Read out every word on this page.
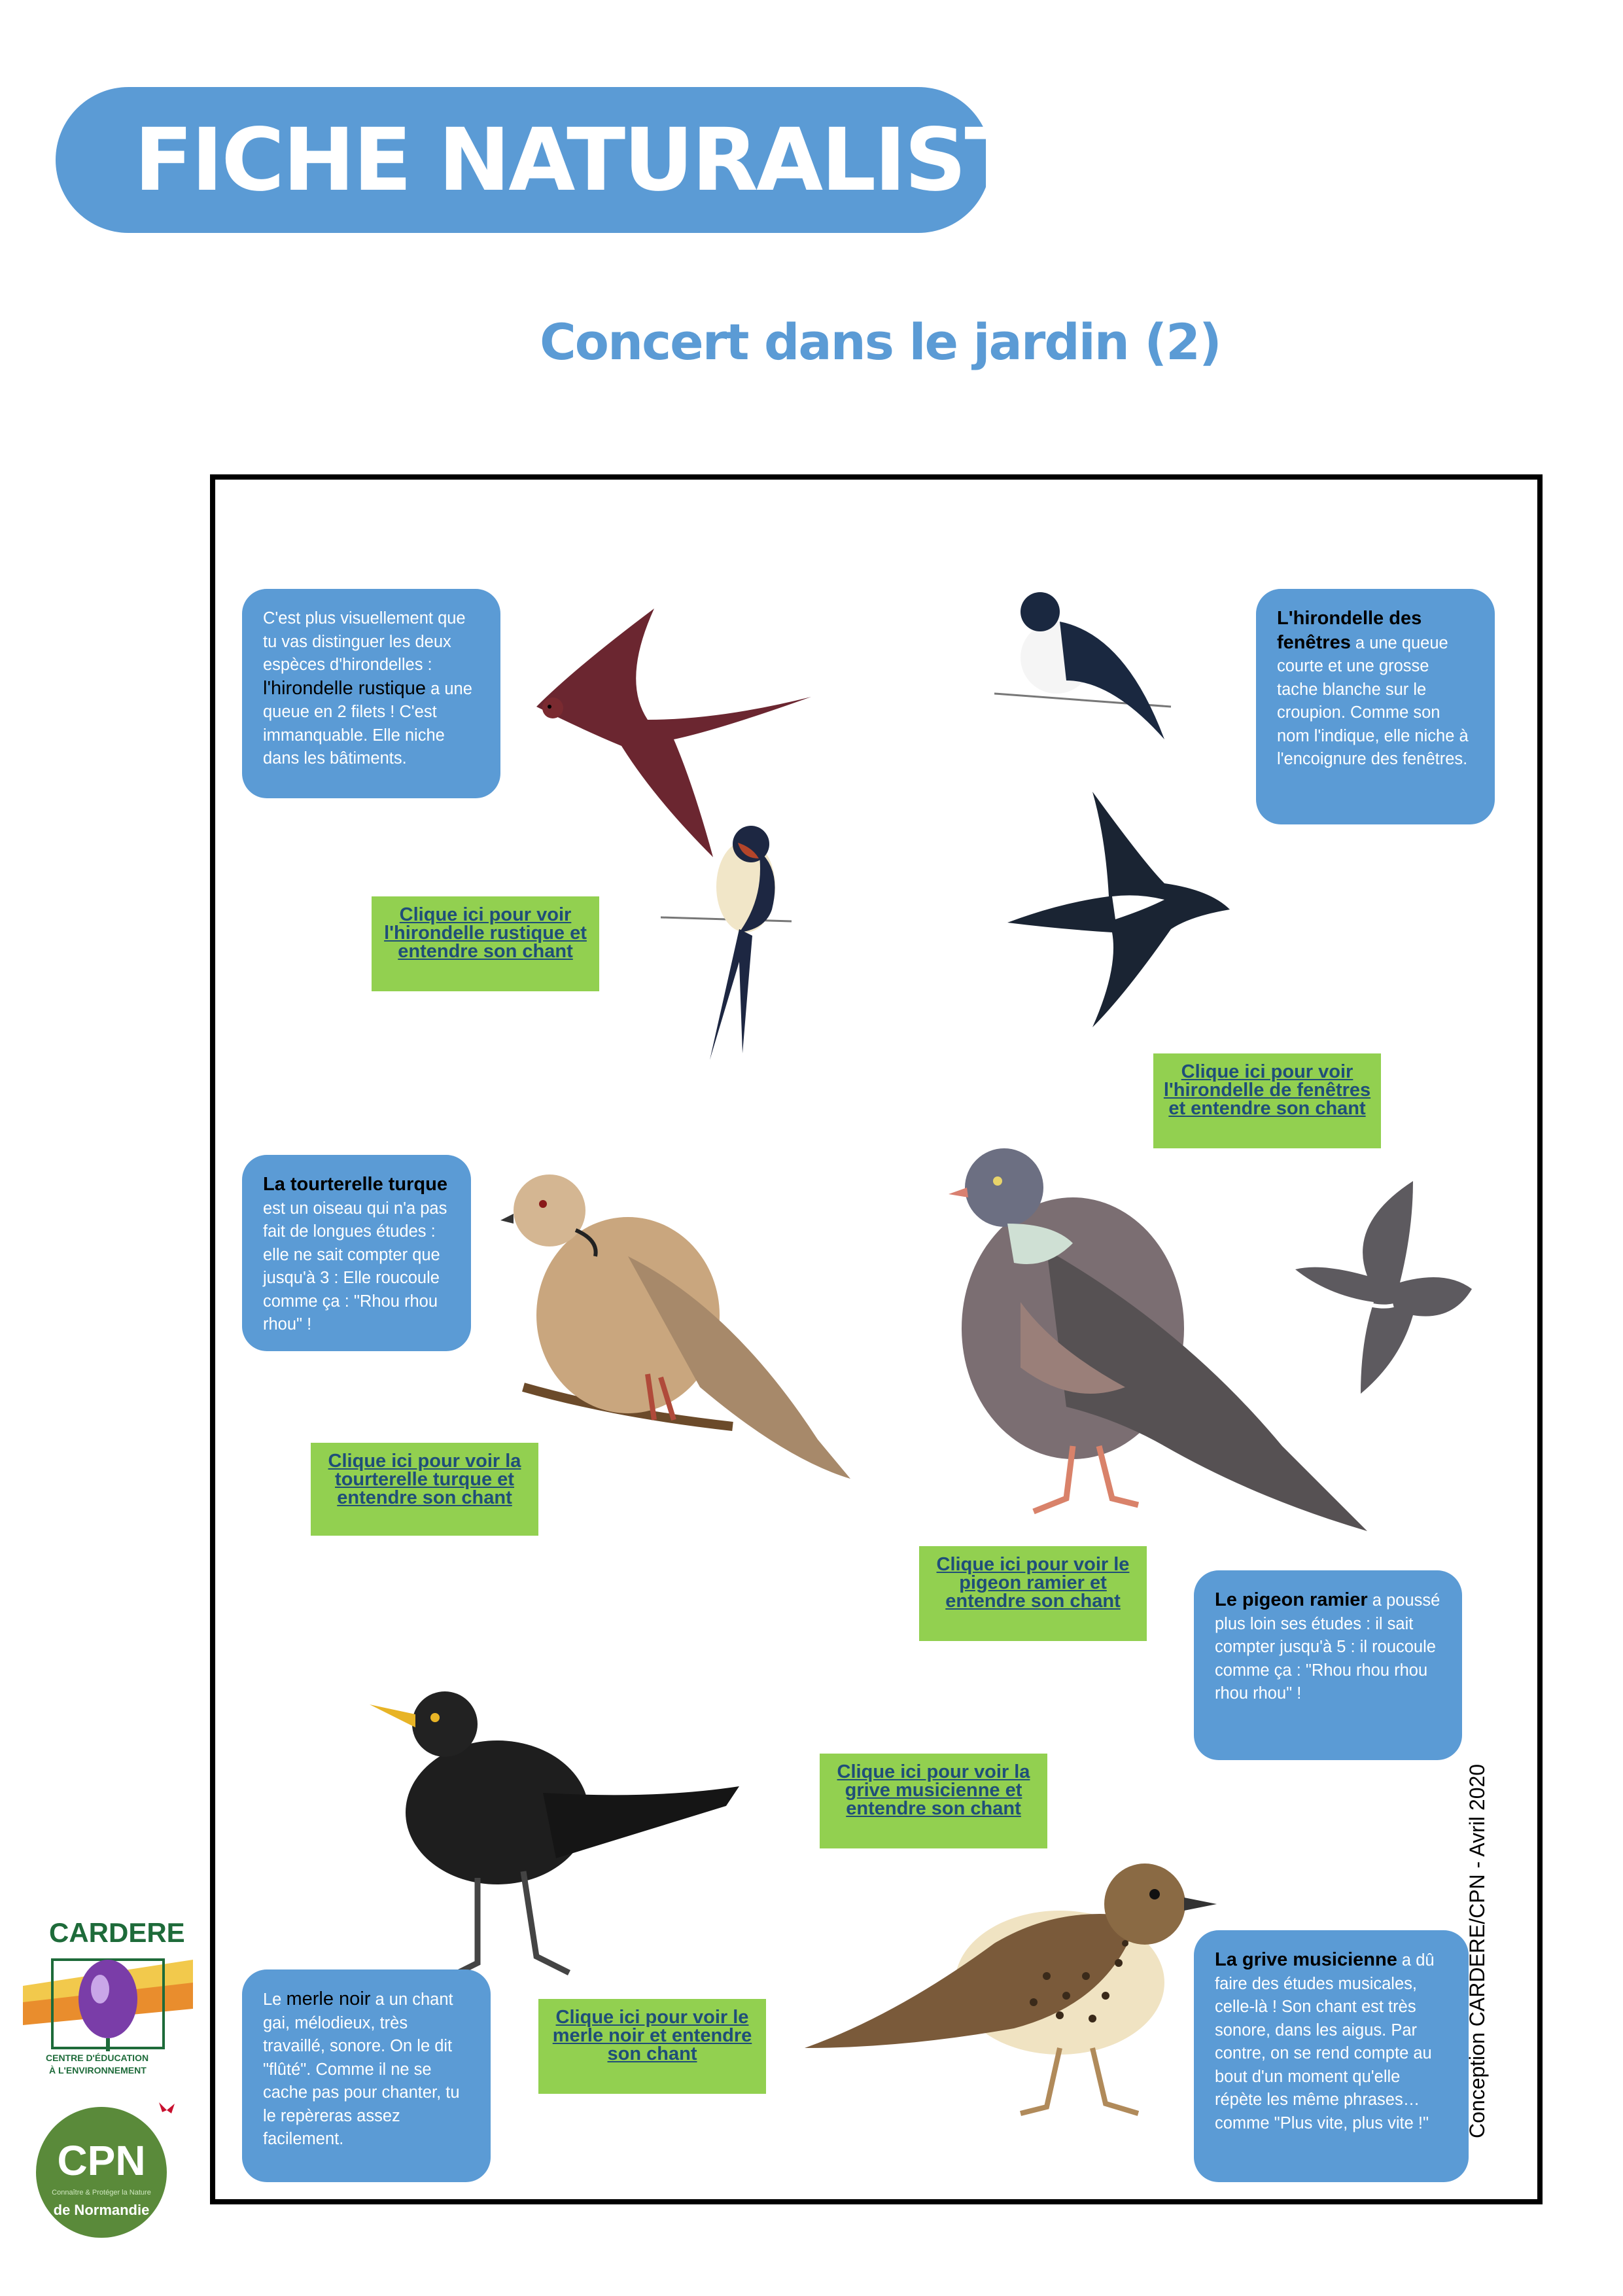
FICHE NATURALISTE
Concert dans le jardin (2)
C'est plus visuellement que tu vas distinguer les deux espèces d'hirondelles : l'hirondelle rustique a une queue en 2 filets ! C'est immanquable. Elle niche dans les bâtiments.
L'hirondelle des fenêtres a une queue courte et une grosse tache blanche sur le croupion. Comme son nom l'indique, elle niche à l'encoignure des fenêtres.
La tourterelle turque est un oiseau qui n'a pas fait de longues études : elle ne sait compter que jusqu'à 3 : Elle roucoule comme ça : "Rhou rhou rhou" !
Le pigeon ramier a poussé plus loin ses études : il sait compter jusqu'à 5 : il roucoule comme ça : "Rhou rhou rhou rhou rhou" !
Le merle noir a un chant gai, mélodieux, très travaillé, sonore. On le dit "flûté". Comme il ne se cache pas pour chanter, tu le repèreras assez facilement.
La grive musicienne a dû faire des études musicales, celle-là ! Son chant est très sonore, dans les aigus. Par contre, on se rend compte au bout d'un moment qu'elle répète les même phrases… comme "Plus vite, plus vite !"
Clique ici pour voir l'hirondelle rustique et entendre son chant
Clique ici pour voir l'hirondelle de fenêtres et entendre son chant
Clique ici pour voir la tourterelle turque et entendre son chant
Clique ici pour voir le pigeon ramier et entendre son chant
Clique ici pour voir la grive musicienne et entendre son chant
Clique ici pour voir le merle noir et entendre son chant	Conception CARDERE/CPN - Avril 2020
CARDERE
CENTRE D'ÉDUCATION
À L'ENVIRONNEMENT
CPN
Connaître & Protéger la Nature
de Normandie
